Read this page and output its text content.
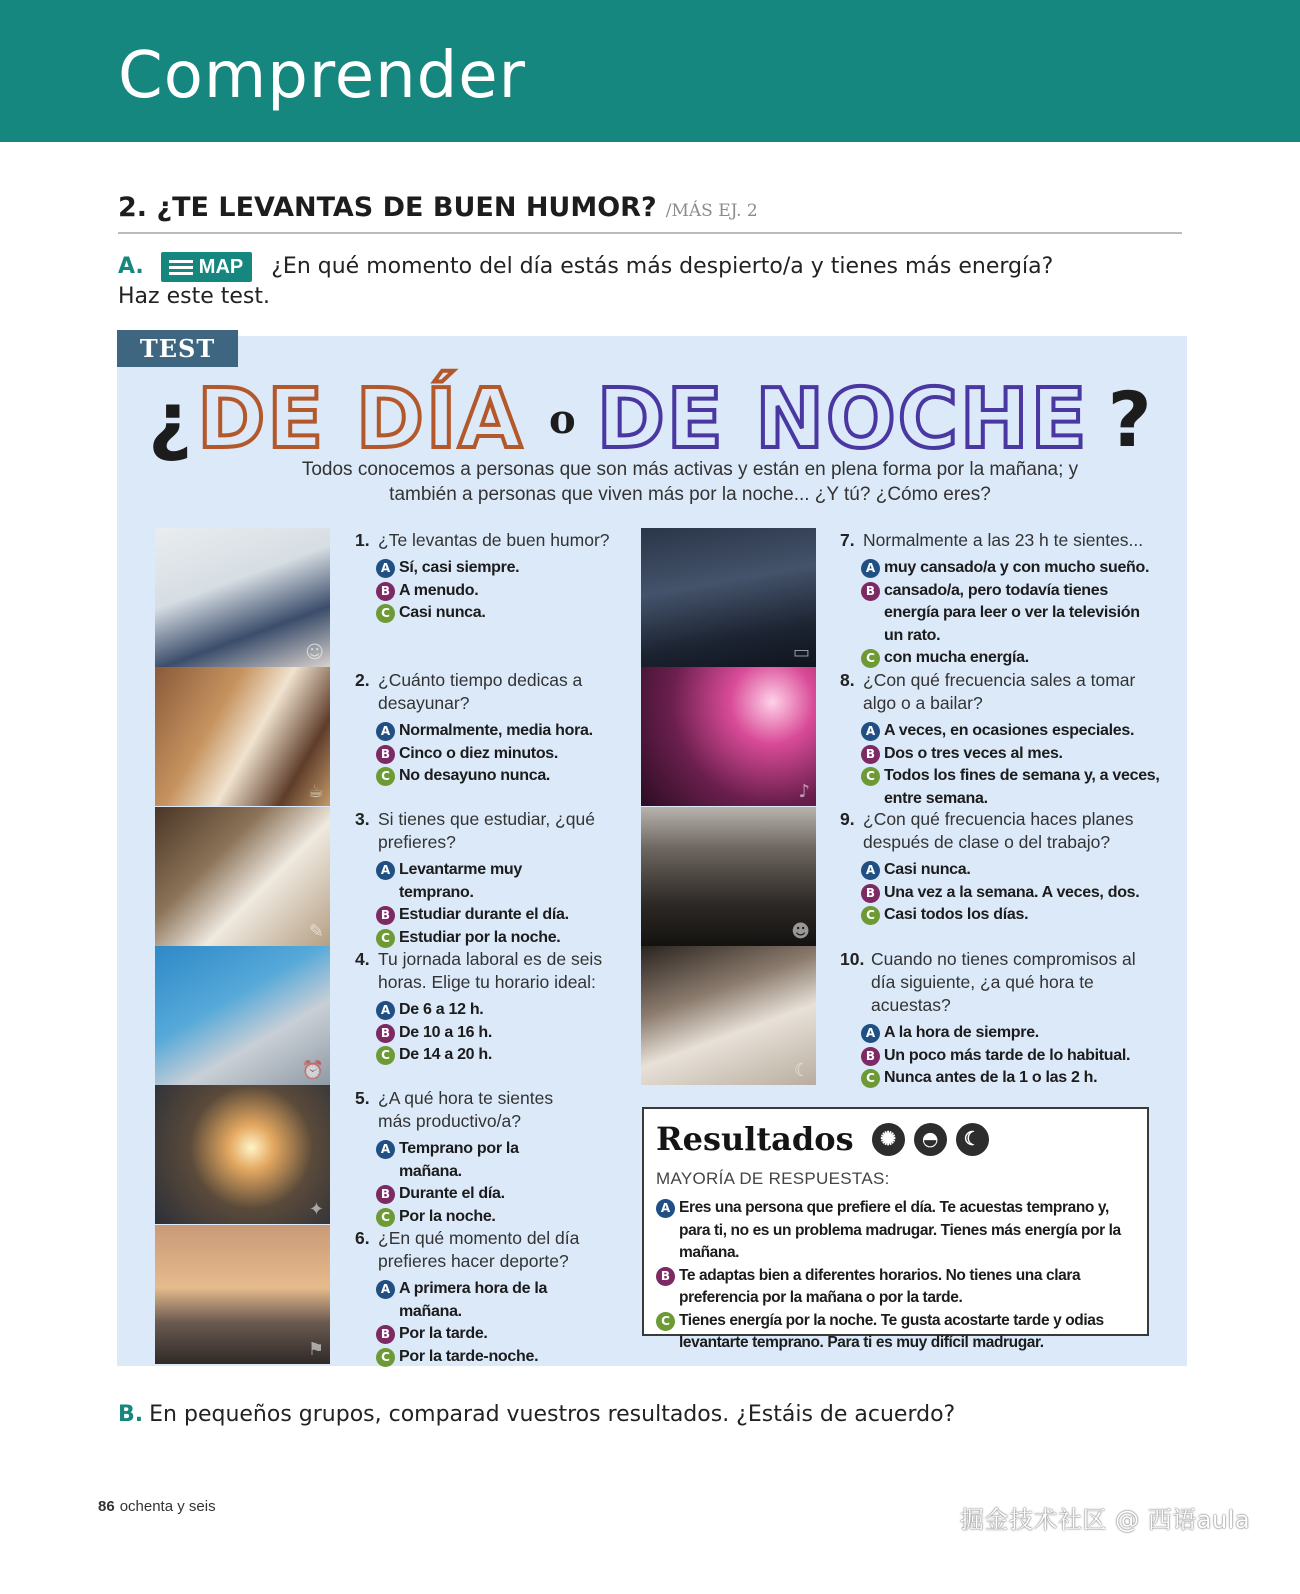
Comprender
2. ¿TE LEVANTAS DE BUEN HUMOR? /MÁS EJ. 2
A.	MAP ¿En qué momento del día estás más despierto/a y tienes más energía?
Haz este test.
TEST
¿ DE DÍA o DE NOCHE ?
Todos conocemos a personas que son más activas y están en plena forma por la mañana; y
también a personas que viven más por la noche... ¿Y tú? ¿Cómo eres?
☺
☕
✎
⏰
✦
⚑
▭
♪
☻
☾
1. ¿Te levantas de buen humor?
A Sí, casi siempre.
B A menudo.
C Casi nunca.
2. ¿Cuánto tiempo dedicas a desayunar?
A Normalmente, media hora.
B Cinco o diez minutos.
C No desayuno nunca.
3. Si tienes que estudiar, ¿qué prefieres?
A Levantarme muy temprano.
B Estudiar durante el día.
C Estudiar por la noche.
4. Tu jornada laboral es de seis horas. Elige tu horario ideal:
A De 6 a 12 h.
B De 10 a 16 h.
C De 14 a 20 h.
5. ¿A qué hora te sientes más productivo/a?
A Temprano por la mañana.
B Durante el día.
C Por la noche.
6. ¿En qué momento del día prefieres hacer deporte?
A A primera hora de la mañana.
B Por la tarde.
C Por la tarde-noche.
7. Normalmente a las 23 h te sientes...
A muy cansado/a y con mucho sueño.
B cansado/a, pero todavía tienes energía para leer o ver la televisión un rato.
C con mucha energía.
8. ¿Con qué frecuencia sales a tomar algo o a bailar?
A A veces, en ocasiones especiales.
B Dos o tres veces al mes.
C Todos los fines de semana y, a veces, entre semana.
9. ¿Con qué frecuencia haces planes después de clase o del trabajo?
A Casi nunca.
B Una vez a la semana. A veces, dos.
C Casi todos los días.
10. Cuando no tienes compromisos al día siguiente, ¿a qué hora te acuestas?
A A la hora de siempre.
B Un poco más tarde de lo habitual.
C Nunca antes de la 1 o las 2 h.
Resultados	✺	◓	☾
MAYORÍA DE RESPUESTAS:
A Eres una persona que prefiere el día. Te acuestas temprano y, para ti, no es un problema madrugar. Tienes más energía por la mañana.
B Te adaptas bien a diferentes horarios. No tienes una clara preferencia por la mañana o por la tarde.
C Tienes energía por la noche. Te gusta acostarte tarde y odias levantarte temprano. Para ti es muy difícil madrugar.
B. En pequeños grupos, comparad vuestros resultados. ¿Estáis de acuerdo?
86 ochenta y seis	掘金技术社区 @ 西语aula
